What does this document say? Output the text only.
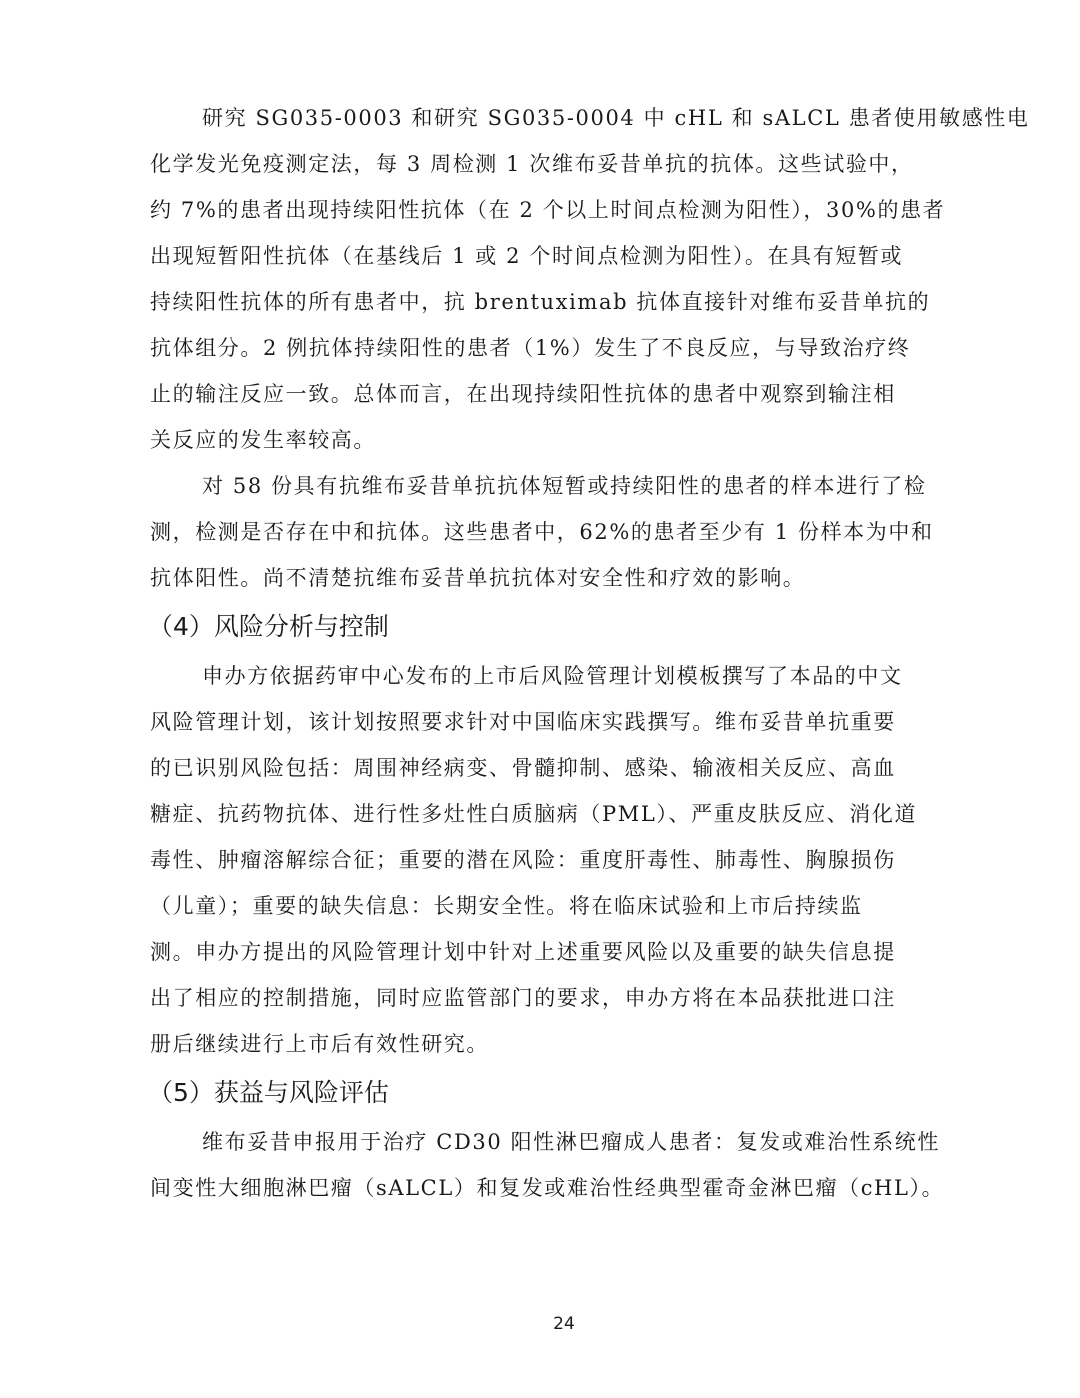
研究 SG035-0003 和研究 SG035-0004 中 cHL 和 sALCL 患者使用敏感性电
化学发光免疫测定法，每 3 周检测 1 次维布妥昔单抗的抗体。这些试验中，
约 7%的患者出现持续阳性抗体（在 2 个以上时间点检测为阳性），30%的患者
出现短暂阳性抗体（在基线后 1 或 2 个时间点检测为阳性）。在具有短暂或
持续阳性抗体的所有患者中，抗 brentuximab 抗体直接针对维布妥昔单抗的
抗体组分。2 例抗体持续阳性的患者（1%）发生了不良反应，与导致治疗终
止的输注反应一致。总体而言，在出现持续阳性抗体的患者中观察到输注相
关反应的发生率较高。
对 58 份具有抗维布妥昔单抗抗体短暂或持续阳性的患者的样本进行了检
测，检测是否存在中和抗体。这些患者中，62%的患者至少有 1 份样本为中和
抗体阳性。尚不清楚抗维布妥昔单抗抗体对安全性和疗效的影响。
（4）风险分析与控制
申办方依据药审中心发布的上市后风险管理计划模板撰写了本品的中文
风险管理计划，该计划按照要求针对中国临床实践撰写。维布妥昔单抗重要
的已识别风险包括：周围神经病变、骨髓抑制、感染、输液相关反应、高血
糖症、抗药物抗体、进行性多灶性白质脑病（PML）、严重皮肤反应、消化道
毒性、肿瘤溶解综合征；重要的潜在风险：重度肝毒性、肺毒性、胸腺损伤
（儿童）；重要的缺失信息：长期安全性。将在临床试验和上市后持续监
测。申办方提出的风险管理计划中针对上述重要风险以及重要的缺失信息提
出了相应的控制措施，同时应监管部门的要求，申办方将在本品获批进口注
册后继续进行上市后有效性研究。
（5）获益与风险评估
维布妥昔申报用于治疗 CD30 阳性淋巴瘤成人患者：复发或难治性系统性
间变性大细胞淋巴瘤（sALCL）和复发或难治性经典型霍奇金淋巴瘤（cHL）。
24
